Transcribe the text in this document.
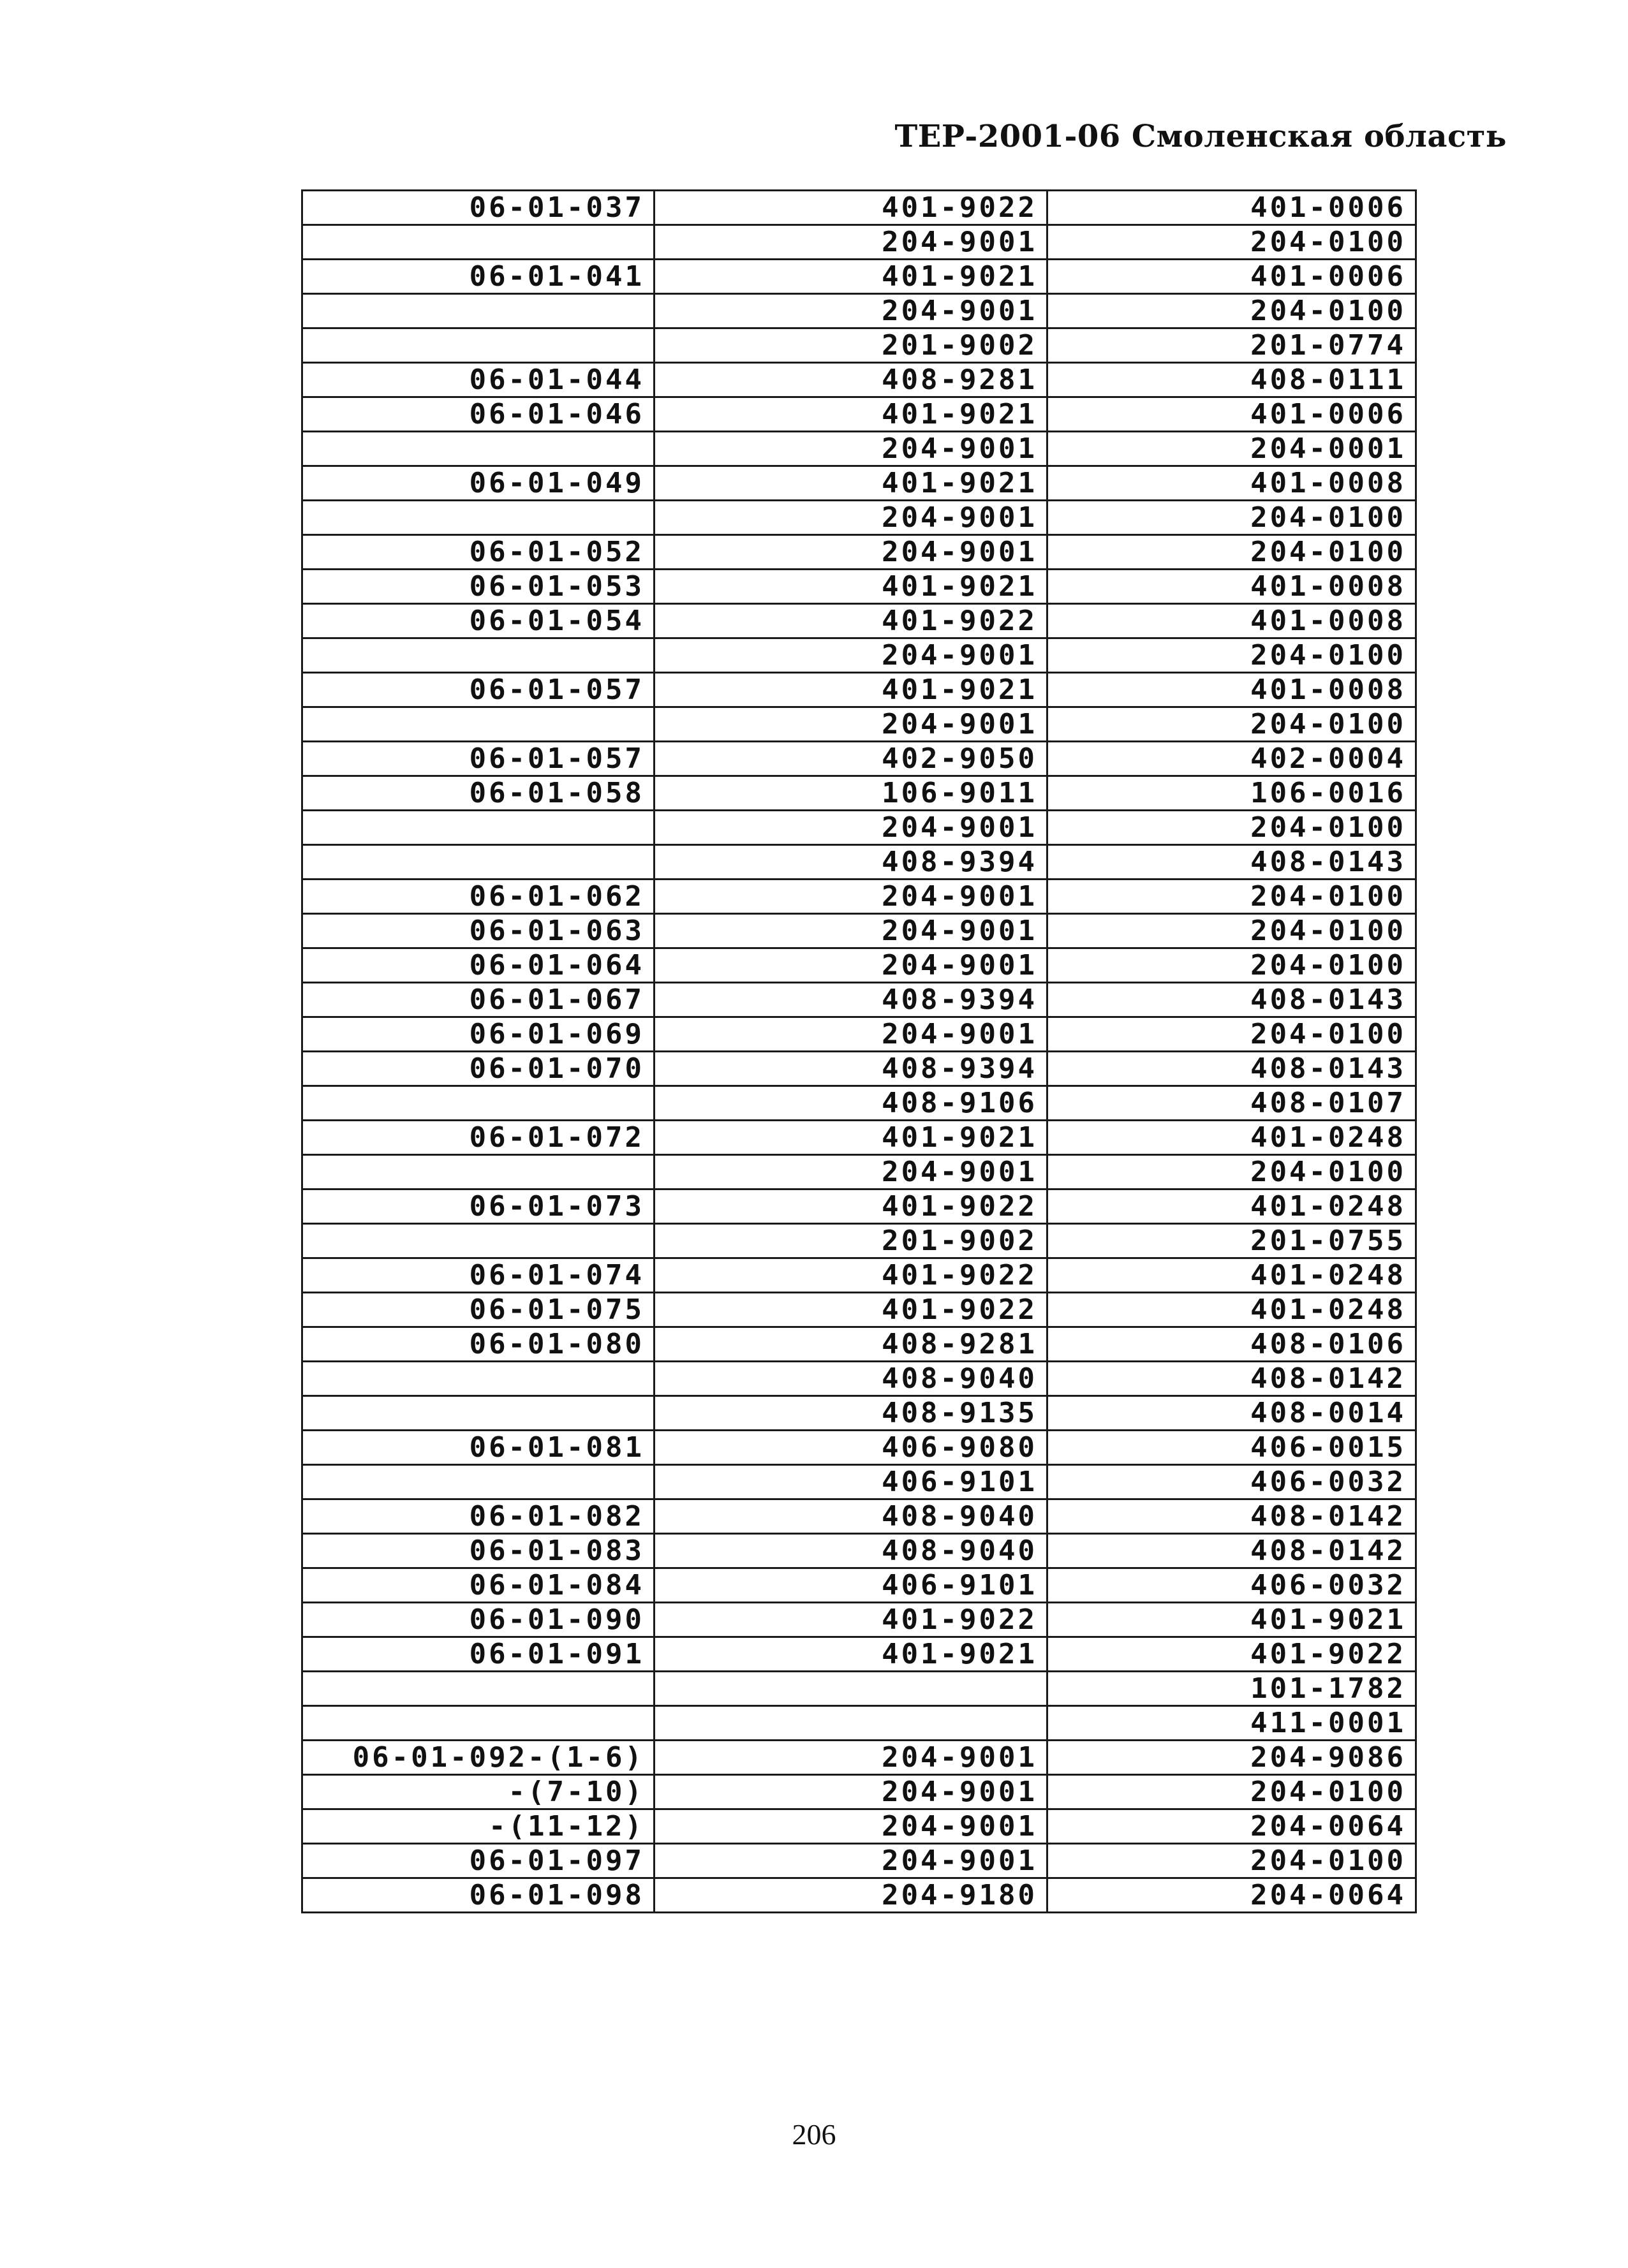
ТЕР-2001-06 Смоленская область
06-01-037	401-9022	401-0006
	204-9001	204-0100
06-01-041	401-9021	401-0006
	204-9001	204-0100
	201-9002	201-0774
06-01-044	408-9281	408-0111
06-01-046	401-9021	401-0006
	204-9001	204-0001
06-01-049	401-9021	401-0008
	204-9001	204-0100
06-01-052	204-9001	204-0100
06-01-053	401-9021	401-0008
06-01-054	401-9022	401-0008
	204-9001	204-0100
06-01-057	401-9021	401-0008
	204-9001	204-0100
06-01-057	402-9050	402-0004
06-01-058	106-9011	106-0016
	204-9001	204-0100
	408-9394	408-0143
06-01-062	204-9001	204-0100
06-01-063	204-9001	204-0100
06-01-064	204-9001	204-0100
06-01-067	408-9394	408-0143
06-01-069	204-9001	204-0100
06-01-070	408-9394	408-0143
	408-9106	408-0107
06-01-072	401-9021	401-0248
	204-9001	204-0100
06-01-073	401-9022	401-0248
	201-9002	201-0755
06-01-074	401-9022	401-0248
06-01-075	401-9022	401-0248
06-01-080	408-9281	408-0106
	408-9040	408-0142
	408-9135	408-0014
06-01-081	406-9080	406-0015
	406-9101	406-0032
06-01-082	408-9040	408-0142
06-01-083	408-9040	408-0142
06-01-084	406-9101	406-0032
06-01-090	401-9022	401-9021
06-01-091	401-9021	401-9022
		101-1782
		411-0001
06-01-092-(1-6)	204-9001	204-9086
-(7-10)	204-9001	204-0100
-(11-12)	204-9001	204-0064
06-01-097	204-9001	204-0100
06-01-098	204-9180	204-0064
206
